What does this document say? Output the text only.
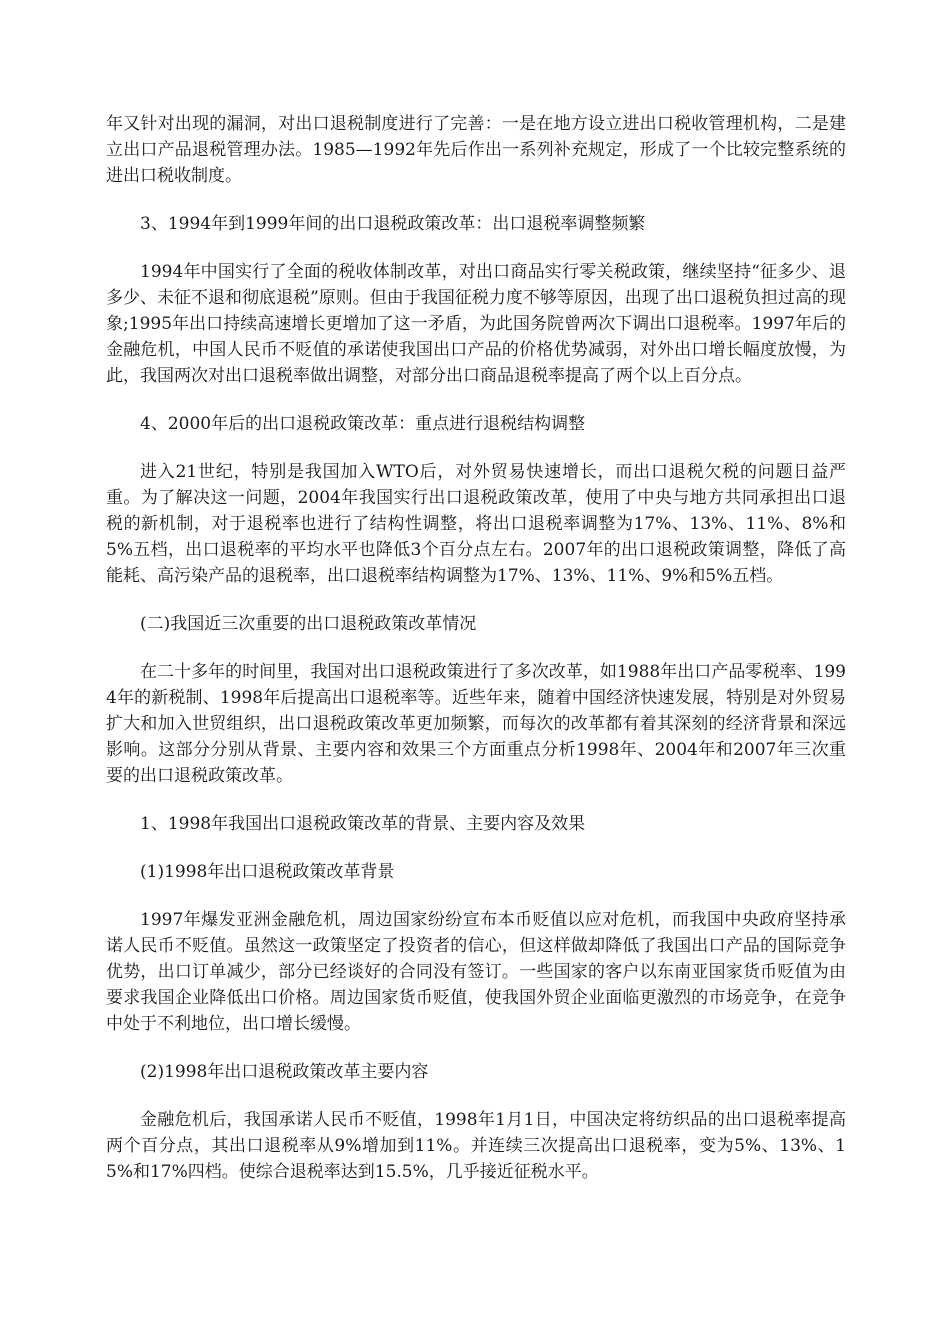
年又针对出现的漏洞，对出口退税制度进行了完善：一是在地方设立进出口税收管理机构，二是建立出口产品退税管理办法。1985—1992年先后作出一系列补充规定，形成了一个比较完整系统的进出口税收制度。

3、1994年到1999年间的出口退税政策改革：出口退税率调整频繁

1994年中国实行了全面的税收体制改革，对出口商品实行零关税政策，继续坚持“征多少、退多少、未征不退和彻底退税”原则。但由于我国征税力度不够等原因，出现了出口退税负担过高的现象;1995年出口持续高速增长更增加了这一矛盾，为此国务院曾两次下调出口退税率。1997年后的金融危机，中国人民币不贬值的承诺使我国出口产品的价格优势减弱，对外出口增长幅度放慢，为此，我国两次对出口退税率做出调整，对部分出口商品退税率提高了两个以上百分点。

4、2000年后的出口退税政策改革：重点进行退税结构调整

进入21世纪，特别是我国加入WTO后，对外贸易快速增长，而出口退税欠税的问题日益严重。为了解决这一问题，2004年我国实行出口退税政策改革，使用了中央与地方共同承担出口退税的新机制，对于退税率也进行了结构性调整，将出口退税率调整为17%、13%、11%、8%和5%五档，出口退税率的平均水平也降低3个百分点左右。2007年的出口退税政策调整，降低了高能耗、高污染产品的退税率，出口退税率结构调整为17%、13%、11%、9%和5%五档。

(二)我国近三次重要的出口退税政策改革情况

在二十多年的时间里，我国对出口退税政策进行了多次改革，如1988年出口产品零税率、1994年的新税制、1998年后提高出口退税率等。近些年来，随着中国经济快速发展，特别是对外贸易扩大和加入世贸组织，出口退税政策改革更加频繁，而每次的改革都有着其深刻的经济背景和深远影响。这部分分别从背景、主要内容和效果三个方面重点分析1998年、2004年和2007年三次重要的出口退税政策改革。

1、1998年我国出口退税政策改革的背景、主要内容及效果

(1)1998年出口退税政策改革背景

1997年爆发亚洲金融危机，周边国家纷纷宣布本币贬值以应对危机，而我国中央政府坚持承诺人民币不贬值。虽然这一政策坚定了投资者的信心，但这样做却降低了我国出口产品的国际竞争优势，出口订单减少，部分已经谈好的合同没有签订。一些国家的客户以东南亚国家货币贬值为由要求我国企业降低出口价格。周边国家货币贬值，使我国外贸企业面临更激烈的市场竞争，在竞争中处于不利地位，出口增长缓慢。

(2)1998年出口退税政策改革主要内容

金融危机后，我国承诺人民币不贬值，1998年1月1日，中国决定将纺织品的出口退税率提高两个百分点，其出口退税率从9%增加到11%。并连续三次提高出口退税率，变为5%、13%、15%和17%四档。使综合退税率达到15.5%，几乎接近征税水平。
